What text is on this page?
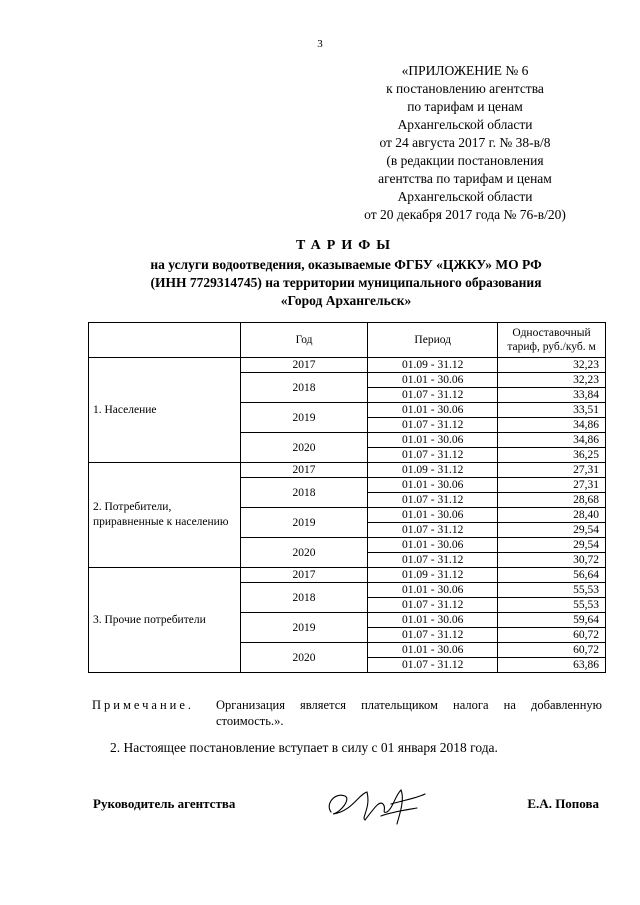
3
«ПРИЛОЖЕНИЕ № 6
к постановлению агентства
по тарифам и ценам
Архангельской области
от 24 августа 2017 г. № 38-в/8
(в редакции постановления
агентства по тарифам и ценам
Архангельской области
от 20 декабря 2017 года № 76-в/20)
ТАРИФЫ
на услуги водоотведения, оказываемые ФГБУ «ЦЖКУ» МО РФ
(ИНН 7729314745) на территории муниципального образования
«Город Архангельск»
	Год	Период	Одноставочный тариф, руб./куб. м
1. Население	2017	01.09 - 31.12	32,23
	2018	01.01 - 30.06	32,23
		01.07 - 31.12	33,84
	2019	01.01 - 30.06	33,51
		01.07 - 31.12	34,86
	2020	01.01 - 30.06	34,86
		01.07 - 31.12	36,25
2. Потребители, приравненные к населению	2017	01.09 - 31.12	27,31
	2018	01.01 - 30.06	27,31
		01.07 - 31.12	28,68
	2019	01.01 - 30.06	28,40
		01.07 - 31.12	29,54
	2020	01.01 - 30.06	29,54
		01.07 - 31.12	30,72
3. Прочие потребители	2017	01.09 - 31.12	56,64
	2018	01.01 - 30.06	55,53
		01.07 - 31.12	55,53
	2019	01.01 - 30.06	59,64
		01.07 - 31.12	60,72
	2020	01.01 - 30.06	60,72
		01.07 - 31.12	63,86
Примечание. Организация является плательщиком налога на добавленную стоимость.».
2. Настоящее постановление вступает в силу с 01 января 2018 года.
Руководитель агентства	Е.А. Попова
